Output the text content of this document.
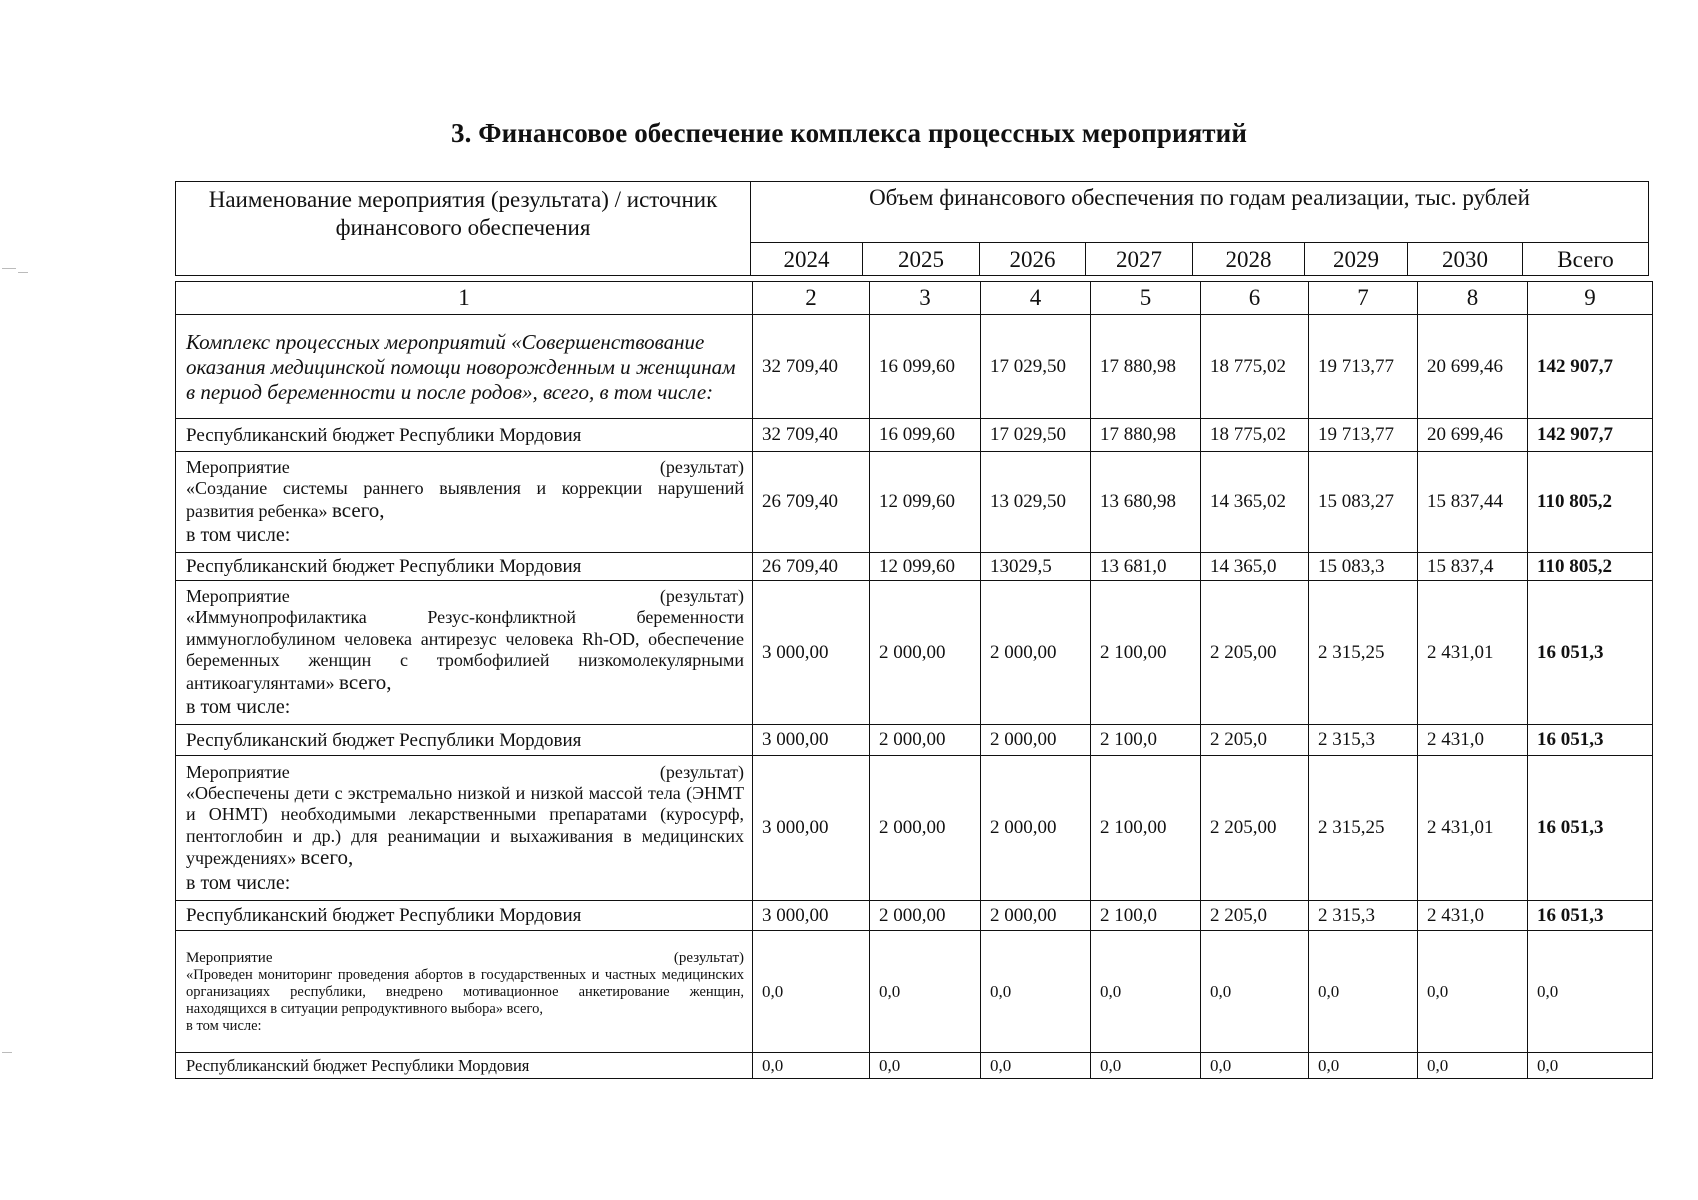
3. Финансовое обеспечение комплекса процессных мероприятий
Наименование мероприятия (результата) / источник финансового обеспечения	Объем финансового обеспечения по годам реализации, тыс. рублей							
	2024	2025	2026	2027	2028	2029	2030	Всего
1	2	3	4	5	6	7	8	9

Комплекс процессных мероприятий «Совершенствование оказания медицинской помощи новорожденным и женщинам в период беременности и после родов», всего, в том числе:	32 709,40	16 099,60	17 029,50	17 880,98	18 775,02	19 713,77	20 699,46	142 907,7

Республиканский бюджет Республики Мордовия	32 709,40	16 099,60	17 029,50	17 880,98	18 775,02	19 713,77	20 699,46	142 907,7

Мероприятие (результат)
«Создание системы раннего выявления и коррекции нарушений развития ребенка» всего,
в том числе:	26 709,40	12 099,60	13 029,50	13 680,98	14 365,02	15 083,27	15 837,44	110 805,2

Республиканский бюджет Республики Мордовия	26 709,40	12 099,60	13029,5	13 681,0	14 365,0	15 083,3	15 837,4	110 805,2

Мероприятие (результат)
«Иммунопрофилактика Резус-конфликтной беременности иммуноглобулином человека антирезус человека Rh-OD, обеспечение беременных женщин с тромбофилией низкомолекулярными антикоагулянтами» всего,
в том числе:	3 000,00	2 000,00	2 000,00	2 100,00	2 205,00	2 315,25	2 431,01	16 051,3

Республиканский бюджет Республики Мордовия	3 000,00	2 000,00	2 000,00	2 100,0	2 205,0	2 315,3	2 431,0	16 051,3

Мероприятие (результат)
«Обеспечены дети с экстремально низкой и низкой массой тела (ЭНМТ и ОНМТ) необходимыми лекарственными препаратами (куросурф, пентоглобин и др.) для реанимации и выхаживания в медицинских учреждениях» всего,
в том числе:	3 000,00	2 000,00	2 000,00	2 100,00	2 205,00	2 315,25	2 431,01	16 051,3

Республиканский бюджет Республики Мордовия	3 000,00	2 000,00	2 000,00	2 100,0	2 205,0	2 315,3	2 431,0	16 051,3

Мероприятие (результат)
«Проведен мониторинг проведения абортов в государственных и частных медицинских организациях республики, внедрено мотивационное анкетирование женщин, находящихся в ситуации репродуктивного выбора» всего,
в том числе:	0,0	0,0	0,0	0,0	0,0	0,0	0,0	0,0

Республиканский бюджет Республики Мордовия	0,0	0,0	0,0	0,0	0,0	0,0	0,0	0,0
